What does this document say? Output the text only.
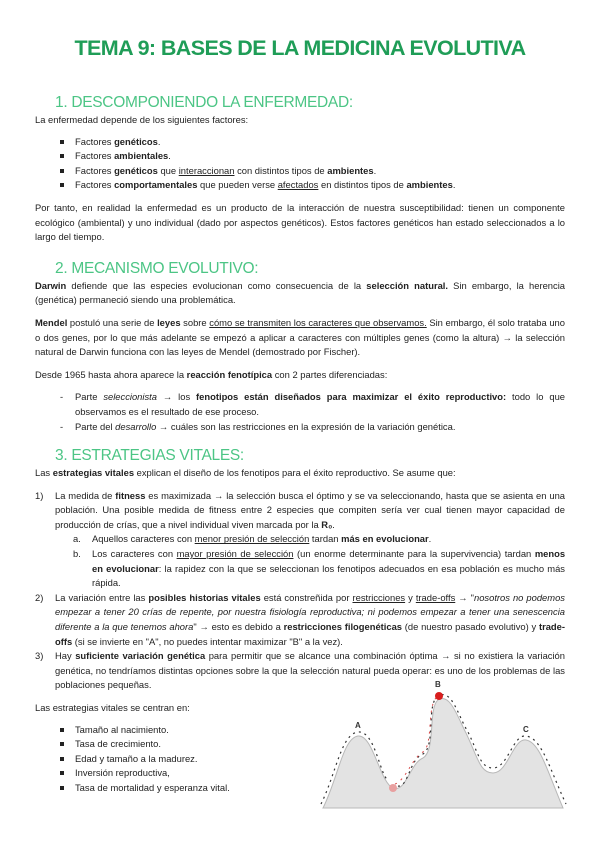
TEMA 9: BASES DE LA MEDICINA EVOLUTIVA
1. DESCOMPONIENDO LA ENFERMEDAD:

La enfermedad depende de los siguientes factores:

Factores genéticos.
Factores ambientales.
Factores genéticos que interaccionan con distintos tipos de ambientes.
Factores comportamentales que pueden verse afectados en distintos tipos de ambientes.

Por tanto, en realidad la enfermedad es un producto de la interacción de nuestra susceptibilidad: tienen un componente ecológico (ambiental) y uno individual (dado por aspectos genéticos). Estos factores genéticos han estado seleccionados a lo largo del tiempo.

2. MECANISMO EVOLUTIVO:

Darwin defiende que las especies evolucionan como consecuencia de la selección natural. Sin embargo, la herencia (genética) permaneció siendo una problemática.

Mendel postuló una serie de leyes sobre cómo se transmiten los caracteres que observamos. Sin embargo, él solo trataba uno o dos genes, por lo que más adelante se empezó a aplicar a caracteres con múltiples genes (como la altura) → la selección natural de Darwin funciona con las leyes de Mendel (demostrado por Fischer).

Desde 1965 hasta ahora aparece la reacción fenotípica con 2 partes diferenciadas:

- Parte seleccionista → los fenotipos están diseñados para maximizar el éxito reproductivo: todo lo que observamos es el resultado de ese proceso.
- Parte del desarrollo → cuáles son las restricciones en la expresión de la variación genética.
3. ESTRATEGIAS VITALES:

Las estrategias vitales explican el diseño de los fenotipos para el éxito reproductivo. Se asume que:

1) La medida de fitness es maximizada → la selección busca el óptimo y se va seleccionando, hasta que se asienta en una población. Una posible medida de fitness entre 2 especies que compiten sería ver cual tienen mayor capacidad de producción de crías, que a nivel individual viven marcada por la R₀.
a. Aquellos caracteres con menor presión de selección tardan más en evolucionar.
b. Los caracteres con mayor presión de selección (un enorme determinante para la supervivencia) tardan menos en evolucionar: la rapidez con la que se seleccionan los fenotipos adecuados en esa población es mucho más rápida.
2) La variación entre las posibles historias vitales está constreñida por restricciones y trade-offs → "nosotros no podemos empezar a tener 20 crías de repente, por nuestra fisiología reproductiva; ni podemos empezar a tener una senescencia diferente a la que tenemos ahora" → esto es debido a restricciones filogenéticas (de nuestro pasado evolutivo) y trade-offs (si se invierte en "A", no puedes intentar maximizar "B" a la vez).
3) Hay suficiente variación genética para permitir que se alcance una combinación óptima → si no existiera la variación genética, no tendríamos distintas opciones sobre la que la selección natural pueda operar: es uno de los problemas de las poblaciones pequeñas.

Las estrategias vitales se centran en:

Tamaño al nacimiento.
Tasa de crecimiento.
Edad y tamaño a la madurez.
Inversión reproductiva,
Tasa de mortalidad y esperanza vital.
A
B
C
